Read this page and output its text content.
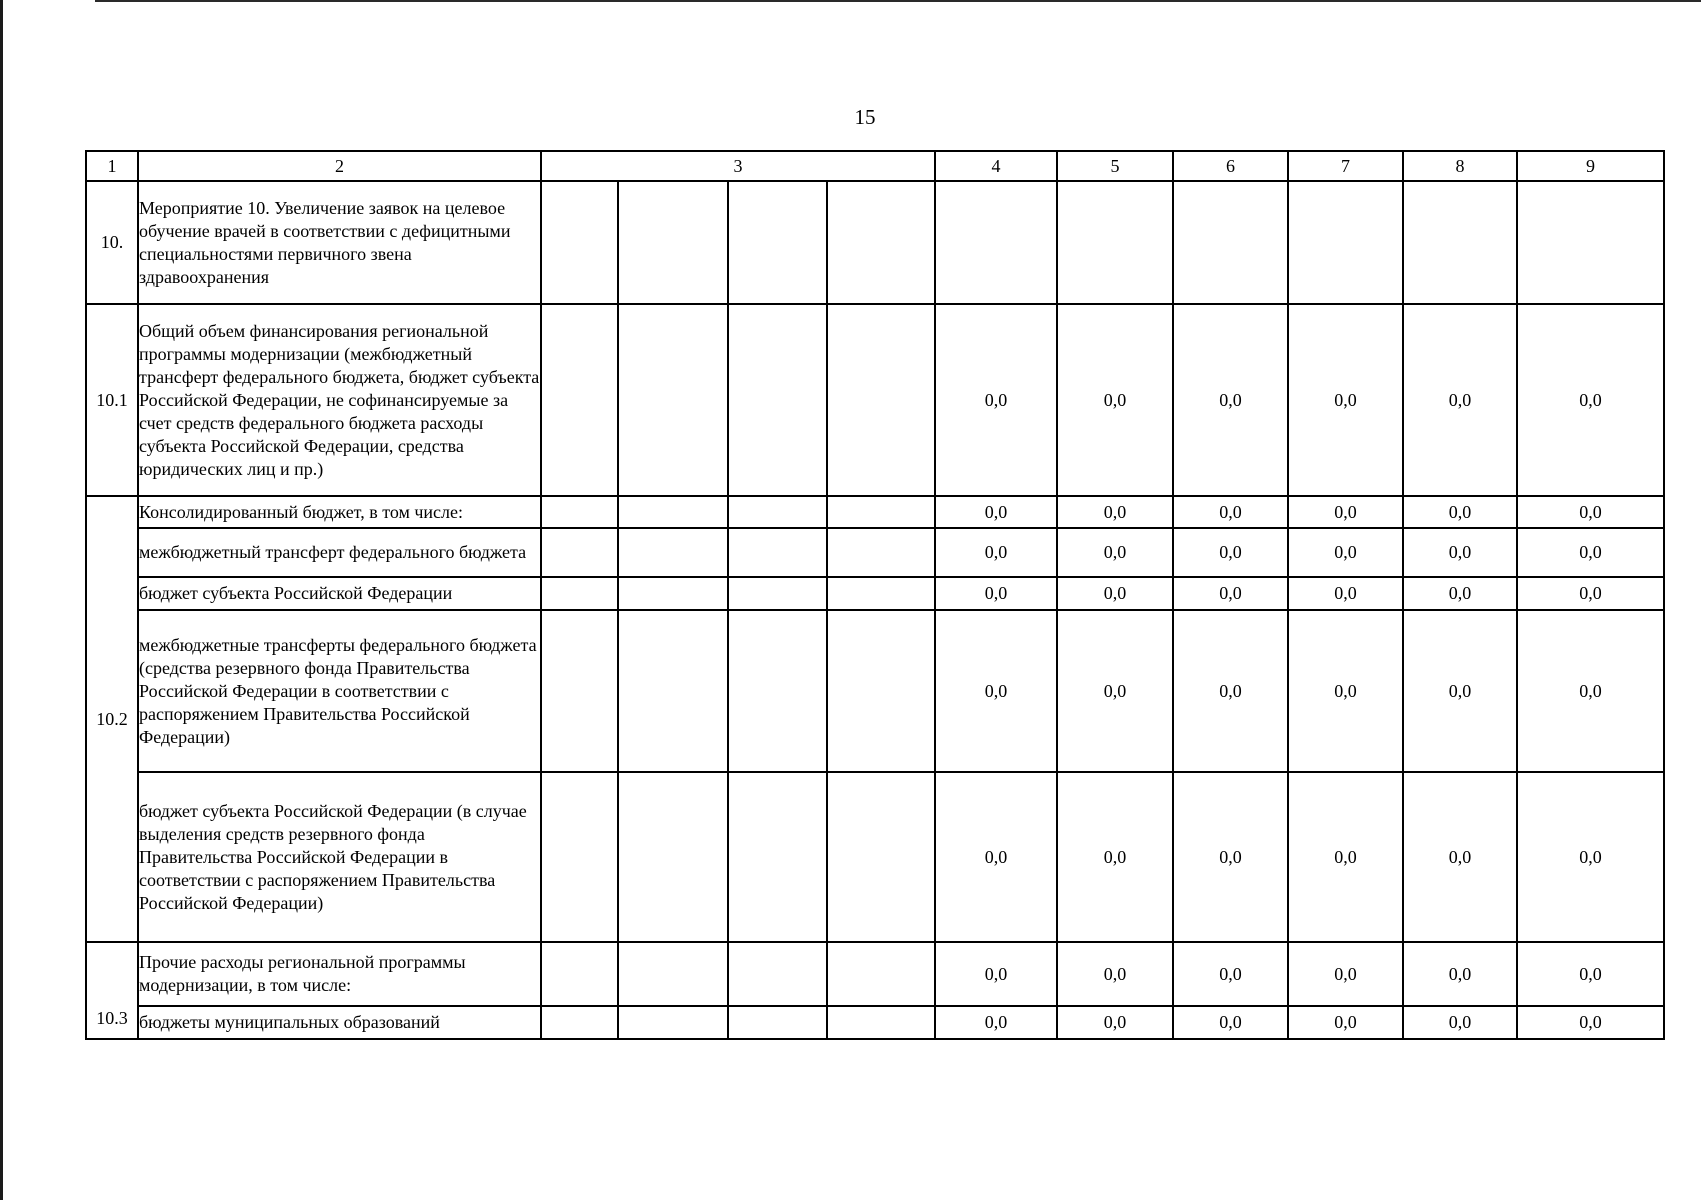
15
1	2	3				4	5	6	7	8	9
10.	Мероприятие 10. Увеличение заявок на целевое обучение врачей в соответствии с дефицитными специальностями первичного звена здравоохранения										
10.1	Общий объем финансирования региональной программы модернизации (межбюджетный трансферт федерального бюджета, бюджет субъекта Российской Федерации, не софинансируемые за счет средств федерального бюджета расходы субъекта Российской Федерации, средства юридических лиц и пр.)					0,0	0,0	0,0	0,0	0,0	0,0
10.2	Консолидированный бюджет, в том числе:					0,0	0,0	0,0	0,0	0,0	0,0
	межбюджетный трансферт федерального бюджета					0,0	0,0	0,0	0,0	0,0	0,0
	бюджет субъекта Российской Федерации					0,0	0,0	0,0	0,0	0,0	0,0
	межбюджетные трансферты федерального бюджета (средства резервного фонда Правительства Российской Федерации в соответствии с распоряжением Правительства Российской Федерации)					0,0	0,0	0,0	0,0	0,0	0,0
	бюджет субъекта Российской Федерации (в случае выделения средств резервного фонда Правительства Российской Федерации в соответствии с распоряжением Правительства Российской Федерации)					0,0	0,0	0,0	0,0	0,0	0,0
10.3	Прочие расходы региональной программы модернизации, в том числе:					0,0	0,0	0,0	0,0	0,0	0,0
	бюджеты муниципальных образований					0,0	0,0	0,0	0,0	0,0	0,0
